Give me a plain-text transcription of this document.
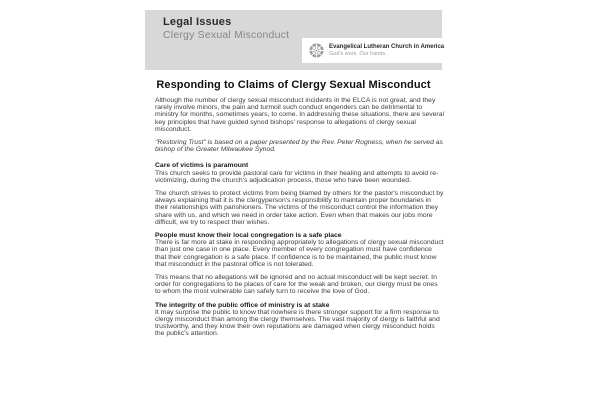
Legal Issues
Clergy Sexual Misconduct
Evangelical Lutheran Church in America
God's work. Our hands.
Responding to Claims of Clergy Sexual Misconduct

Although the number of clergy sexual misconduct incidents in the ELCA is not great, and they rarely involve minors, the pain and turmoil such conduct engenders can be detrimental to ministry for months, sometimes years, to come. In addressing these situations, there are several key principles that have guided synod bishops' response to allegations of clergy sexual misconduct.

"Restoring Trust" is based on a paper presented by the Rev. Peter Rogness, when he served as bishop of the Greater Milwaukee Synod.

Care of victims is paramount

This church seeks to provide pastoral care for victims in their healing and attempts to avoid re-victimizing, during the church's adjudication process, those who have been wounded.

The church strives to protect victims from being blamed by others for the pastor's misconduct by always explaining that it is the clergyperson's responsibility to maintain proper boundaries in their relationships with parishioners. The victims of the misconduct control the information they share with us, and which we need in order take action. Even when that makes our jobs more difficult, we try to respect their wishes.

People must know their local congregation is a safe place

There is far more at stake in responding appropriately to allegations of clergy sexual misconduct than just one case in one place. Every member of every congregation must have confidence that their congregation is a safe place. If confidence is to be maintained, the public must know that misconduct in the pastoral office is not tolerated.

This means that no allegations will be ignored and no actual misconduct will be kept secret. In order for congregations to be places of care for the weak and broken, our clergy must be ones to whom the most vulnerable can safely turn to receive the love of God.

The integrity of the public office of ministry is at stake

It may surprise the public to know that nowhere is there stronger support for a firm response to clergy misconduct than among the clergy themselves. The vast majority of clergy is faithful and trustworthy, and they know their own reputations are damaged when clergy misconduct holds the public's attention.
